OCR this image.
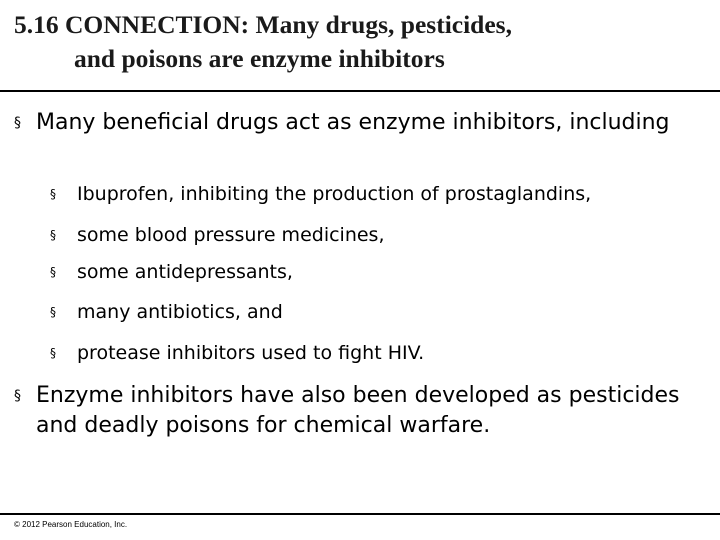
5.16 CONNECTION: Many drugs, pesticides,
and poisons are enzyme inhibitors
§ Many beneficial drugs act as enzyme inhibitors, including
§	Ibuprofen, inhibiting the production of prostaglandins,
§	some blood pressure medicines,
§	some antidepressants,
§	many antibiotics, and
§	protease inhibitors used to fight HIV.
§ Enzyme inhibitors have also been developed as pesticides and deadly poisons for chemical warfare.
© 2012 Pearson Education, Inc.
